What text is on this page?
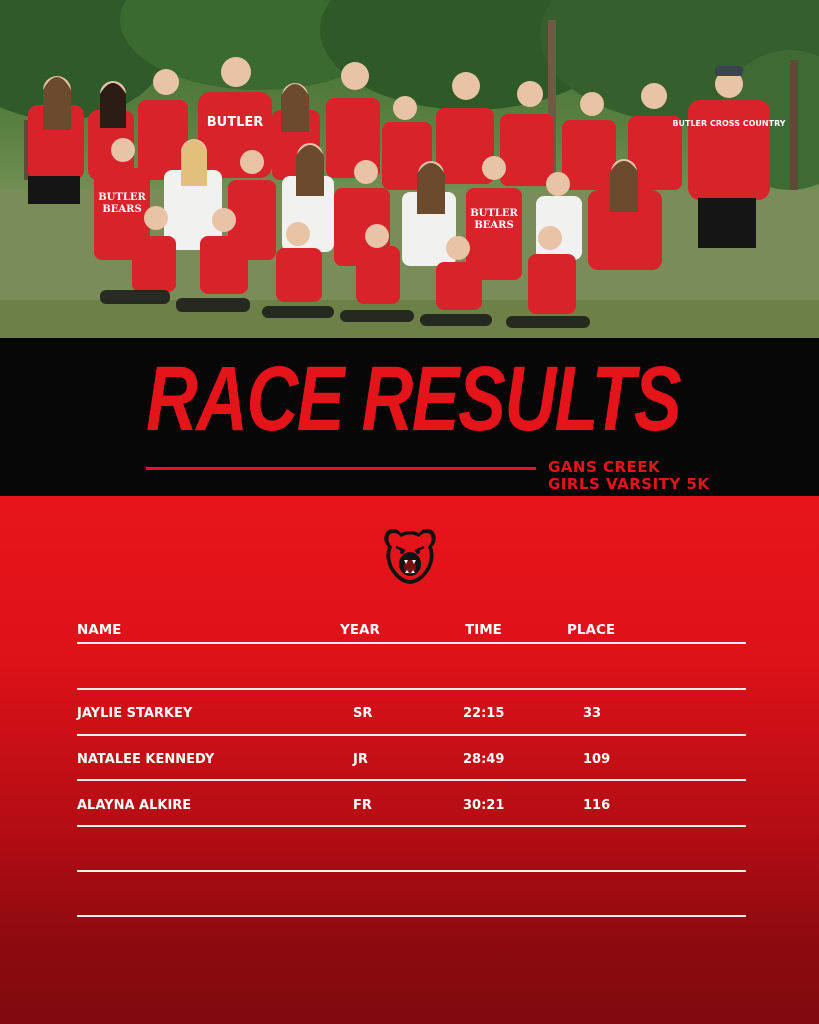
BUTLER
BUTLER
BEARS	BUTLER
BEARS
BUTLER CROSS COUNTRY
RACE RESULTS
GANS CREEK
GIRLS VARSITY 5K
NAME	YEAR	TIME	PLACE
JAYLIE STARKEY	SR	22:15	33
NATALEE KENNEDY	JR	28:49	109
ALAYNA ALKIRE	FR	30:21	116
